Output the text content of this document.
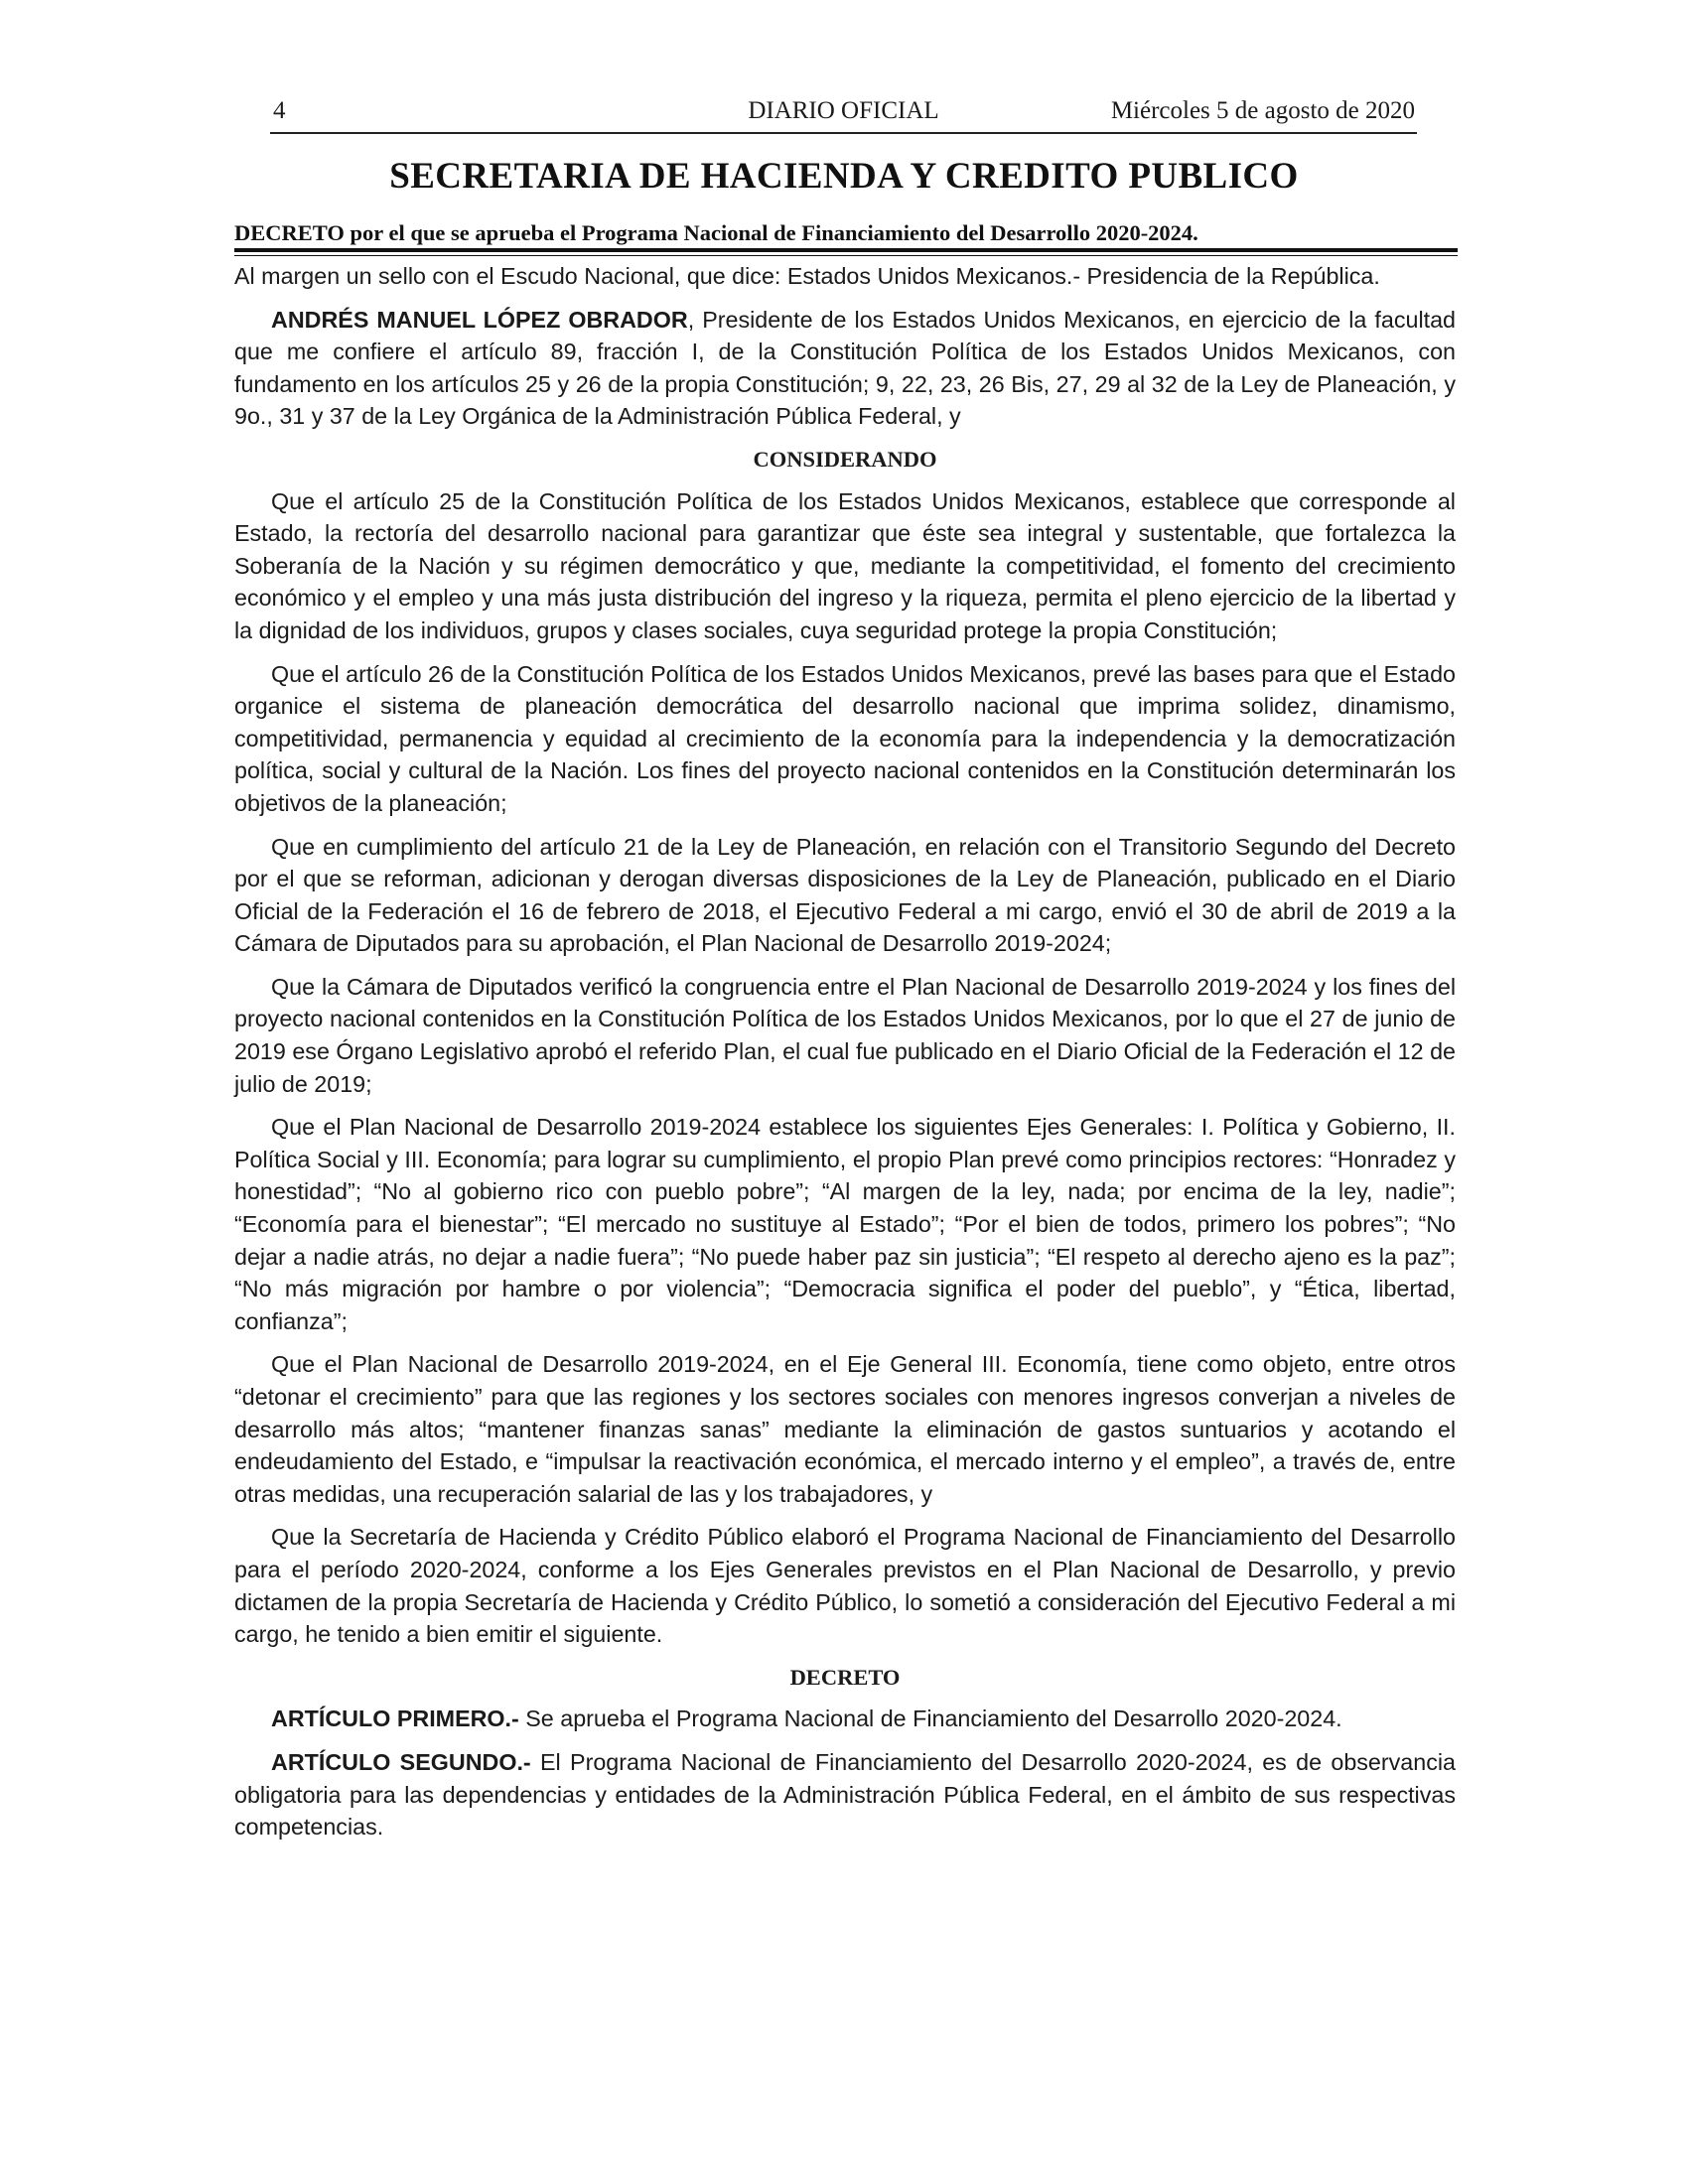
DIARIO OFICIAL
4	Miércoles 5 de agosto de 2020
SECRETARIA DE HACIENDA Y CREDITO PUBLICO
DECRETO por el que se aprueba el Programa Nacional de Financiamiento del Desarrollo 2020-2024.

Al margen un sello con el Escudo Nacional, que dice: Estados Unidos Mexicanos.- Presidencia de la República.

ANDRÉS MANUEL LÓPEZ OBRADOR, Presidente de los Estados Unidos Mexicanos, en ejercicio de la facultad que me confiere el artículo 89, fracción I, de la Constitución Política de los Estados Unidos Mexicanos, con fundamento en los artículos 25 y 26 de la propia Constitución; 9, 22, 23, 26 Bis, 27, 29 al 32 de la Ley de Planeación, y 9o., 31 y 37 de la Ley Orgánica de la Administración Pública Federal, y

CONSIDERANDO

Que el artículo 25 de la Constitución Política de los Estados Unidos Mexicanos, establece que corresponde al Estado, la rectoría del desarrollo nacional para garantizar que éste sea integral y sustentable, que fortalezca la Soberanía de la Nación y su régimen democrático y que, mediante la competitividad, el fomento del crecimiento económico y el empleo y una más justa distribución del ingreso y la riqueza, permita el pleno ejercicio de la libertad y la dignidad de los individuos, grupos y clases sociales, cuya seguridad protege la propia Constitución;

Que el artículo 26 de la Constitución Política de los Estados Unidos Mexicanos, prevé las bases para que el Estado organice el sistema de planeación democrática del desarrollo nacional que imprima solidez, dinamismo, competitividad, permanencia y equidad al crecimiento de la economía para la independencia y la democratización política, social y cultural de la Nación. Los fines del proyecto nacional contenidos en la Constitución determinarán los objetivos de la planeación;

Que en cumplimiento del artículo 21 de la Ley de Planeación, en relación con el Transitorio Segundo del Decreto por el que se reforman, adicionan y derogan diversas disposiciones de la Ley de Planeación, publicado en el Diario Oficial de la Federación el 16 de febrero de 2018, el Ejecutivo Federal a mi cargo, envió el 30 de abril de 2019 a la Cámara de Diputados para su aprobación, el Plan Nacional de Desarrollo 2019-2024;

Que la Cámara de Diputados verificó la congruencia entre el Plan Nacional de Desarrollo 2019-2024 y los fines del proyecto nacional contenidos en la Constitución Política de los Estados Unidos Mexicanos, por lo que el 27 de junio de 2019 ese Órgano Legislativo aprobó el referido Plan, el cual fue publicado en el Diario Oficial de la Federación el 12 de julio de 2019;

Que el Plan Nacional de Desarrollo 2019-2024 establece los siguientes Ejes Generales: I. Política y Gobierno, II. Política Social y III. Economía; para lograr su cumplimiento, el propio Plan prevé como principios rectores: “Honradez y honestidad”; “No al gobierno rico con pueblo pobre”; “Al margen de la ley, nada; por encima de la ley, nadie”; “Economía para el bienestar”; “El mercado no sustituye al Estado”; “Por el bien de todos, primero los pobres”; “No dejar a nadie atrás, no dejar a nadie fuera”; “No puede haber paz sin justicia”; “El respeto al derecho ajeno es la paz”; “No más migración por hambre o por violencia”; “Democracia significa el poder del pueblo”, y “Ética, libertad, confianza”;

Que el Plan Nacional de Desarrollo 2019-2024, en el Eje General III. Economía, tiene como objeto, entre otros “detonar el crecimiento” para que las regiones y los sectores sociales con menores ingresos converjan a niveles de desarrollo más altos; “mantener finanzas sanas” mediante la eliminación de gastos suntuarios y acotando el endeudamiento del Estado, e “impulsar la reactivación económica, el mercado interno y el empleo”, a través de, entre otras medidas, una recuperación salarial de las y los trabajadores, y

Que la Secretaría de Hacienda y Crédito Público elaboró el Programa Nacional de Financiamiento del Desarrollo para el período 2020-2024, conforme a los Ejes Generales previstos en el Plan Nacional de Desarrollo, y previo dictamen de la propia Secretaría de Hacienda y Crédito Público, lo sometió a consideración del Ejecutivo Federal a mi cargo, he tenido a bien emitir el siguiente.

DECRETO

ARTÍCULO PRIMERO.- Se aprueba el Programa Nacional de Financiamiento del Desarrollo 2020-2024.

ARTÍCULO SEGUNDO.- El Programa Nacional de Financiamiento del Desarrollo 2020-2024, es de observancia obligatoria para las dependencias y entidades de la Administración Pública Federal, en el ámbito de sus respectivas competencias.
